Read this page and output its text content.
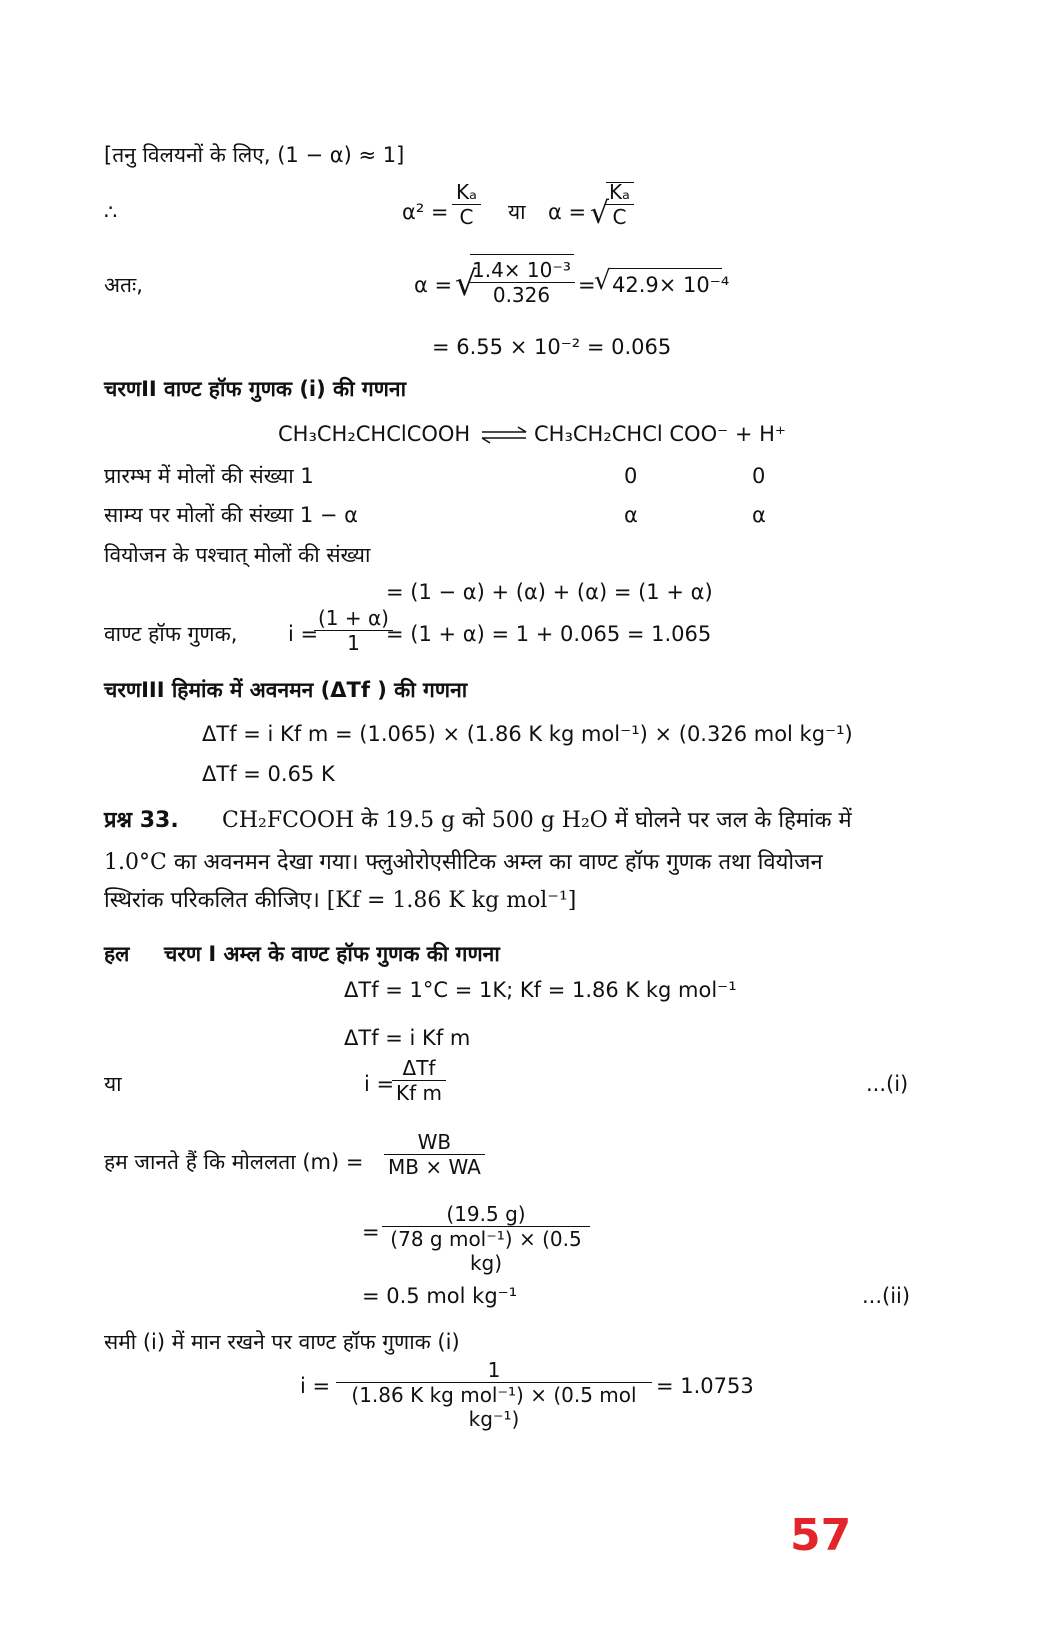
[तनु विलयनों के लिए, (1 − α) ≈ 1]
∴	$\alpha^2 = \frac{\text{Kₐ}}{C}$ या α = √
$\frac{\text{Kₐ}}{C}$
अतः,	α = √
$\frac{\text{1.4× 10⁻³}}{0.326}$ =
√ 42.9× 10⁻⁴
= 6.55 × 10⁻² = 0.065
चरणII वाण्ट हॉफ गुणक (i) की गणना
CH₃CH₂CHClCOOH ⇌ CH₃CH₂CHCl COO⁻ + H⁺
प्रारम्भ में मोलों की संख्या 1	0	0
साम्य पर मोलों की संख्या 1 − α	α	α
वियोजन के पश्चात् मोलों की संख्या
= (1 − α) + (α) + (α) = (1 + α)
वाण्ट हॉफ गुणक, i =
$\frac{(1 + \alpha)}{1}$
= (1 + α) = 1 + 0.065 = 1.065
चरणIII हिमांक में अवनमन (ΔTf ) की गणना
ΔTf = i Kf m = (1.065) × (1.86 K kg mol⁻¹) × (0.326 mol kg⁻¹)
ΔTf = 0.65 K
प्रश्न 33. CH₂FCOOH के 19.5 g को 500 g H₂O में घोलने पर जल के हिमांक में
1.0°C का अवनमन देखा गया। फ्लुओरोएसीटिक अम्ल का वाण्ट हॉफ गुणक तथा वियोजन
स्थिरांक परिकलित कीजिए। [Kf = 1.86 K kg mol⁻¹]
हल चरण I अम्ल के वाण्ट हॉफ गुणक की गणना
ΔTf = 1°C = 1K; Kf = 1.86 K kg mol⁻¹
ΔTf = i Kf m
या	i =
ΔTf
Kf m	...(i)
हम जानते हैं कि मोललता $(m) = \frac{WB}{MB \times WA}$
=
(19.5 g)
(78 g mol⁻¹) × (0.5 kg)
= 0.5 mol kg⁻¹	...(ii)
समी (i) में मान रखने पर वाण्ट हॉफ गुणाक (i)
i =
1
(1.86 K kg mol⁻¹) × (0.5 mol kg⁻¹)
= 1.0753
57
